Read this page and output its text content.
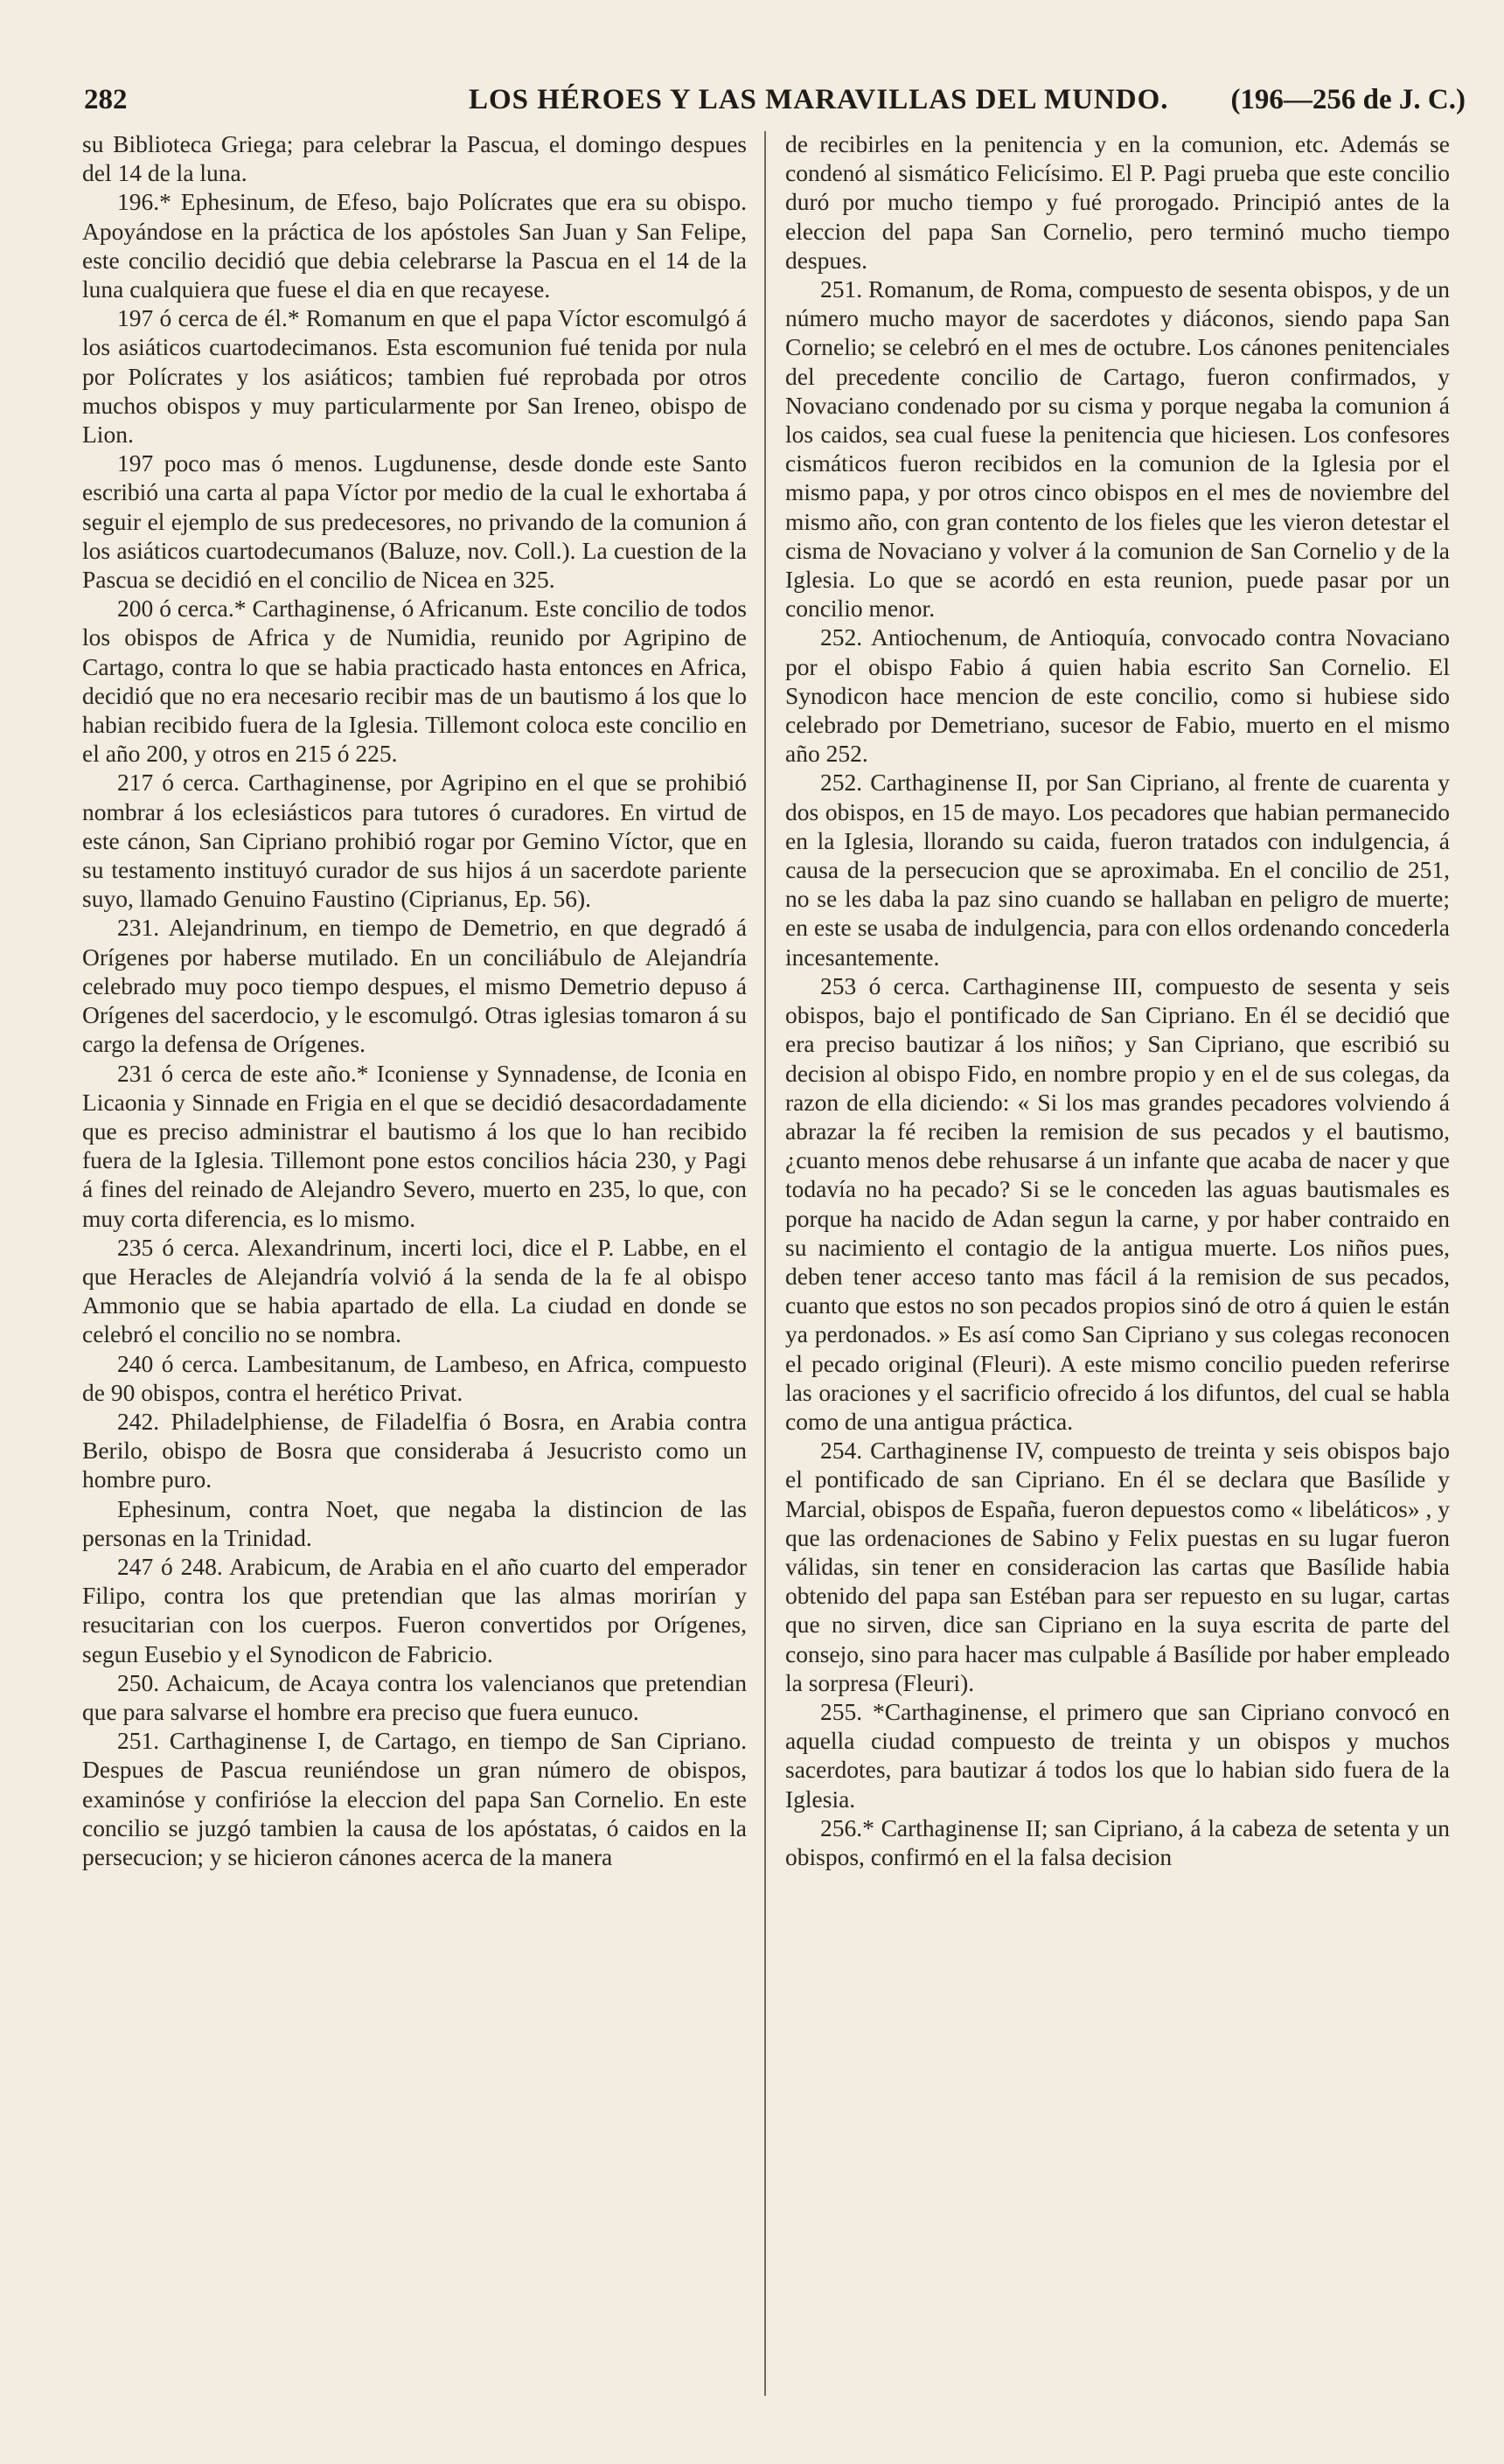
282	LOS HÉROES Y LAS MARAVILLAS DEL MUNDO. (196—256 de J. C.)

su Biblioteca Griega; para celebrar la Pascua, el domingo despues del 14 de la luna.

196.* Ephesinum, de Efeso, bajo Polícrates que era su obispo. Apoyándose en la práctica de los apóstoles San Juan y San Felipe, este concilio decidió que debia celebrarse la Pascua en el 14 de la luna cualquiera que fuese el dia en que recayese.

197 ó cerca de él.* Romanum en que el papa Víctor escomulgó á los asiáticos cuartodecimanos. Esta escomunion fué tenida por nula por Polícrates y los asiáticos; tambien fué reprobada por otros muchos obispos y muy particularmente por San Ireneo, obispo de Lion.

197 poco mas ó menos. Lugdunense, desde donde este Santo escribió una carta al papa Víctor por medio de la cual le exhortaba á seguir el ejemplo de sus predecesores, no privando de la comunion á los asiáticos cuartodecumanos (Baluze, nov. Coll.). La cuestion de la Pascua se decidió en el concilio de Nicea en 325.

200 ó cerca.* Carthaginense, ó Africanum. Este concilio de todos los obispos de Africa y de Numidia, reunido por Agripino de Cartago, contra lo que se habia practicado hasta entonces en Africa, decidió que no era necesario recibir mas de un bautismo á los que lo habian recibido fuera de la Iglesia. Tillemont coloca este concilio en el año 200, y otros en 215 ó 225.

217 ó cerca. Carthaginense, por Agripino en el que se prohibió nombrar á los eclesiásticos para tutores ó curadores. En virtud de este cánon, San Cipriano prohibió rogar por Gemino Víctor, que en su testamento instituyó curador de sus hijos á un sacerdote pariente suyo, llamado Genuino Faustino (Ciprianus, Ep. 56).

231. Alejandrinum, en tiempo de Demetrio, en que degradó á Orígenes por haberse mutilado. En un conciliábulo de Alejandría celebrado muy poco tiempo despues, el mismo Demetrio depuso á Orígenes del sacerdocio, y le escomulgó. Otras iglesias tomaron á su cargo la defensa de Orígenes.

231 ó cerca de este año.* Iconiense y Synnadense, de Iconia en Licaonia y Sinnade en Frigia en el que se decidió desacordadamente que es preciso administrar el bautismo á los que lo han recibido fuera de la Iglesia. Tillemont pone estos concilios hácia 230, y Pagi á fines del reinado de Alejandro Severo, muerto en 235, lo que, con muy corta diferencia, es lo mismo.

235 ó cerca. Alexandrinum, incerti loci, dice el P. Labbe, en el que Heracles de Alejandría volvió á la senda de la fe al obispo Ammonio que se habia apartado de ella. La ciudad en donde se celebró el concilio no se nombra.

240 ó cerca. Lambesitanum, de Lambeso, en Africa, compuesto de 90 obispos, contra el herético Privat.

242. Philadelphiense, de Filadelfia ó Bosra, en Arabia contra Berilo, obispo de Bosra que consideraba á Jesucristo como un hombre puro.

Ephesinum, contra Noet, que negaba la distincion de las personas en la Trinidad.

247 ó 248. Arabicum, de Arabia en el año cuarto del emperador Filipo, contra los que pretendian que las almas morirían y resucitarian con los cuerpos. Fueron convertidos por Orígenes, segun Eusebio y el Synodicon de Fabricio.

250. Achaicum, de Acaya contra los valencianos que pretendian que para salvarse el hombre era preciso que fuera eunuco.

251. Carthaginense I, de Cartago, en tiempo de San Cipriano. Despues de Pascua reuniéndose un gran número de obispos, examinóse y confirióse la eleccion del papa San Cornelio. En este concilio se juzgó tambien la causa de los apóstatas, ó caidos en la persecucion; y se hicieron cánones acerca de la manera

de recibirles en la penitencia y en la comunion, etc. Además se condenó al sismático Felicísimo. El P. Pagi prueba que este concilio duró por mucho tiempo y fué prorogado. Principió antes de la eleccion del papa San Cornelio, pero terminó mucho tiempo despues.

251. Romanum, de Roma, compuesto de sesenta obispos, y de un número mucho mayor de sacerdotes y diáconos, siendo papa San Cornelio; se celebró en el mes de octubre. Los cánones penitenciales del precedente concilio de Cartago, fueron confirmados, y Novaciano condenado por su cisma y porque negaba la comunion á los caidos, sea cual fuese la penitencia que hiciesen. Los confesores cismáticos fueron recibidos en la comunion de la Iglesia por el mismo papa, y por otros cinco obispos en el mes de noviembre del mismo año, con gran contento de los fieles que les vieron detestar el cisma de Novaciano y volver á la comunion de San Cornelio y de la Iglesia. Lo que se acordó en esta reunion, puede pasar por un concilio menor.

252. Antiochenum, de Antioquía, convocado contra Novaciano por el obispo Fabio á quien habia escrito San Cornelio. El Synodicon hace mencion de este concilio, como si hubiese sido celebrado por Demetriano, sucesor de Fabio, muerto en el mismo año 252.

252. Carthaginense II, por San Cipriano, al frente de cuarenta y dos obispos, en 15 de mayo. Los pecadores que habian permanecido en la Iglesia, llorando su caida, fueron tratados con indulgencia, á causa de la persecucion que se aproximaba. En el concilio de 251, no se les daba la paz sino cuando se hallaban en peligro de muerte; en este se usaba de indulgencia, para con ellos ordenando concederla incesantemente.

253 ó cerca. Carthaginense III, compuesto de sesenta y seis obispos, bajo el pontificado de San Cipriano. En él se decidió que era preciso bautizar á los niños; y San Cipriano, que escribió su decision al obispo Fido, en nombre propio y en el de sus colegas, da razon de ella diciendo: « Si los mas grandes pecadores volviendo á abrazar la fé reciben la remision de sus pecados y el bautismo, ¿cuanto menos debe rehusarse á un infante que acaba de nacer y que todavía no ha pecado? Si se le conceden las aguas bautismales es porque ha nacido de Adan segun la carne, y por haber contraido en su nacimiento el contagio de la antigua muerte. Los niños pues, deben tener acceso tanto mas fácil á la remision de sus pecados, cuanto que estos no son pecados propios sinó de otro á quien le están ya perdonados. » Es así como San Cipriano y sus colegas reconocen el pecado original (Fleuri). A este mismo concilio pueden referirse las oraciones y el sacrificio ofrecido á los difuntos, del cual se habla como de una antigua práctica.

254. Carthaginense IV, compuesto de treinta y seis obispos bajo el pontificado de san Cipriano. En él se declara que Basílide y Marcial, obispos de España, fueron depuestos como « libeláticos» , y que las ordenaciones de Sabino y Felix puestas en su lugar fueron válidas, sin tener en consideracion las cartas que Basílide habia obtenido del papa san Estéban para ser repuesto en su lugar, cartas que no sirven, dice san Cipriano en la suya escrita de parte del consejo, sino para hacer mas culpable á Basílide por haber empleado la sorpresa (Fleuri).

255. *Carthaginense, el primero que san Cipriano convocó en aquella ciudad compuesto de treinta y un obispos y muchos sacerdotes, para bautizar á todos los que lo habian sido fuera de la Iglesia.

256.* Carthaginense II; san Cipriano, á la cabeza de setenta y un obispos, confirmó en el la falsa decision
